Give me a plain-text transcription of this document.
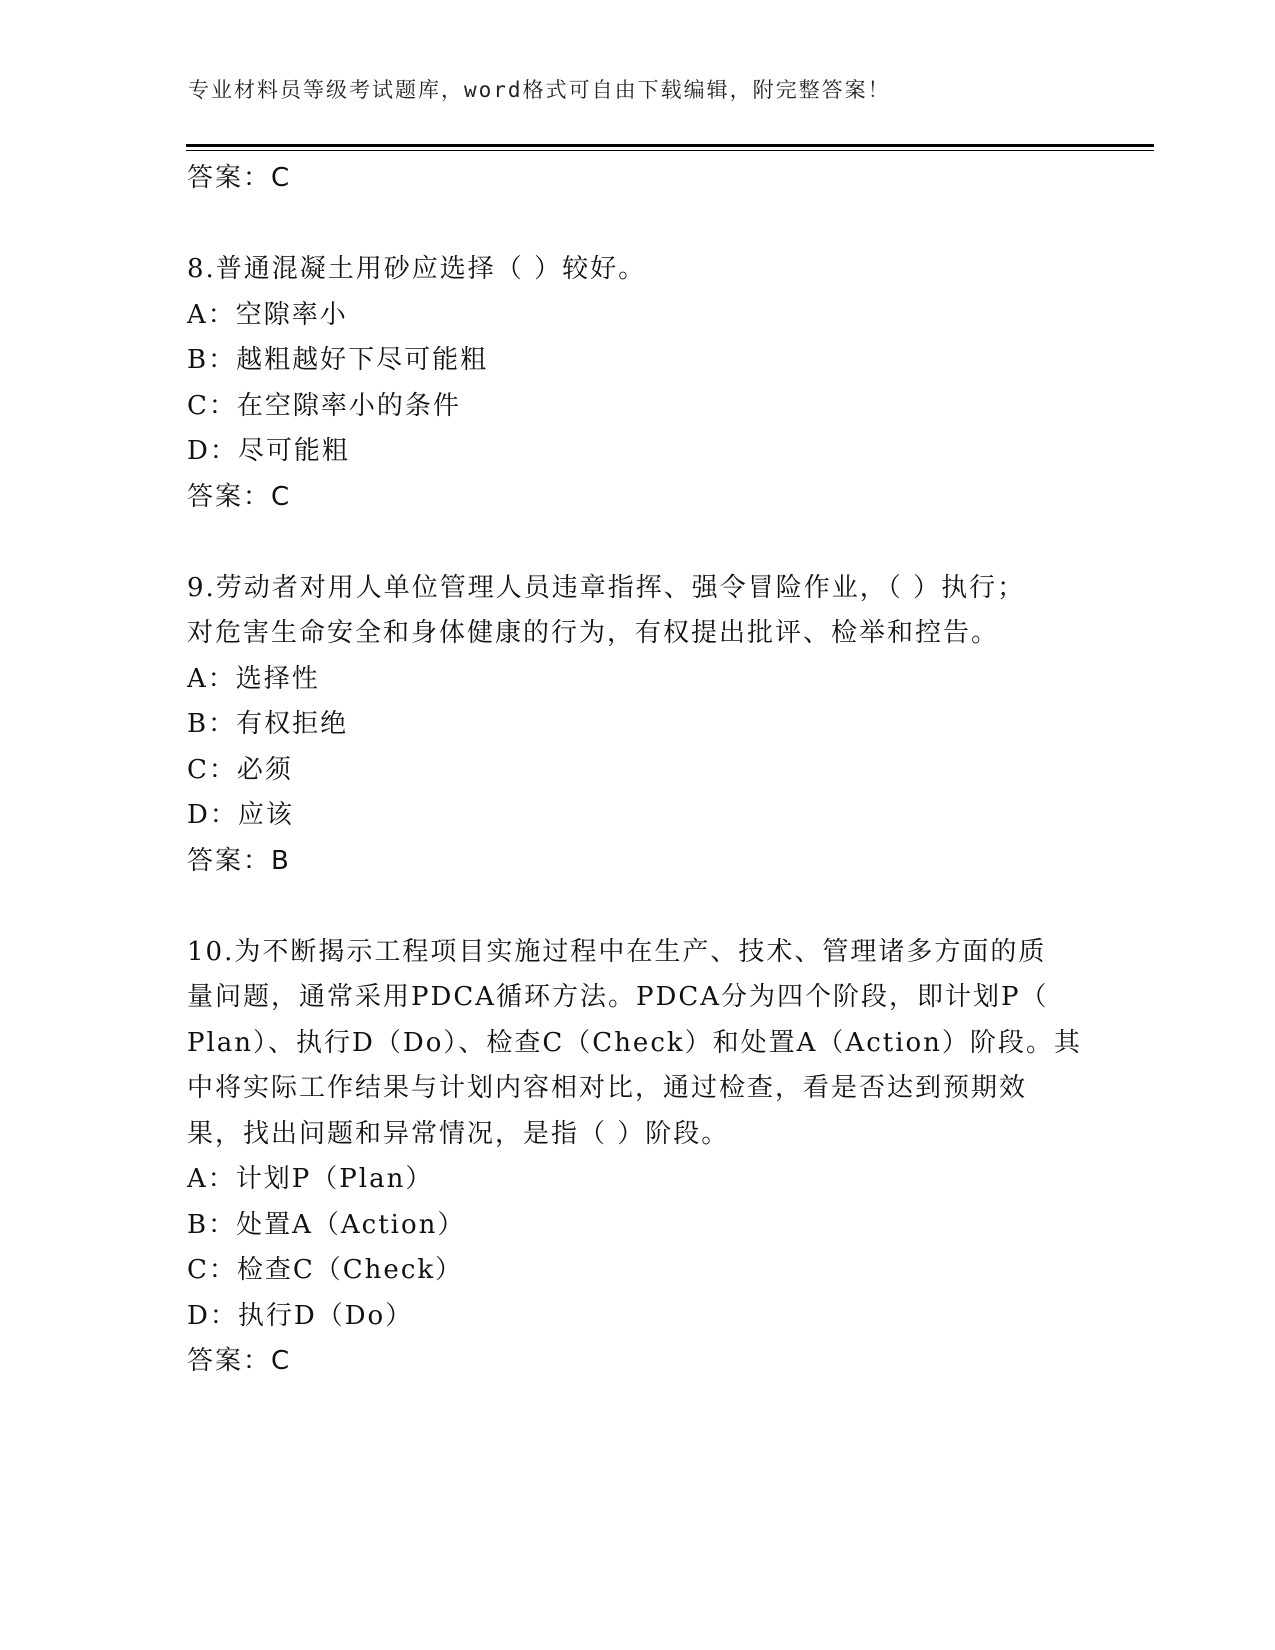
专业材料员等级考试题库，word格式可自由下载编辑，附完整答案！
答案：C
8.普通混凝土用砂应选择（ ）较好。
A：空隙率小
B：越粗越好下尽可能粗
C：在空隙率小的条件
D：尽可能粗
答案：C
9.劳动者对用人单位管理人员违章指挥、强令冒险作业，（ ）执行；
对危害生命安全和身体健康的行为，有权提出批评、检举和控告。
A：选择性
B：有权拒绝
C：必须
D：应该
答案：B
10.为不断揭示工程项目实施过程中在生产、技术、管理诸多方面的质
量问题，通常采用PDCA循环方法。PDCA分为四个阶段，即计划P（
Plan）、执行D（Do）、检查C（Check）和处置A（Action）阶段。其
中将实际工作结果与计划内容相对比，通过检查，看是否达到预期效
果，找出问题和异常情况，是指（ ）阶段。
A：计划P（Plan）
B：处置A（Action）
C：检查C（Check）
D：执行D（Do）
答案：C
